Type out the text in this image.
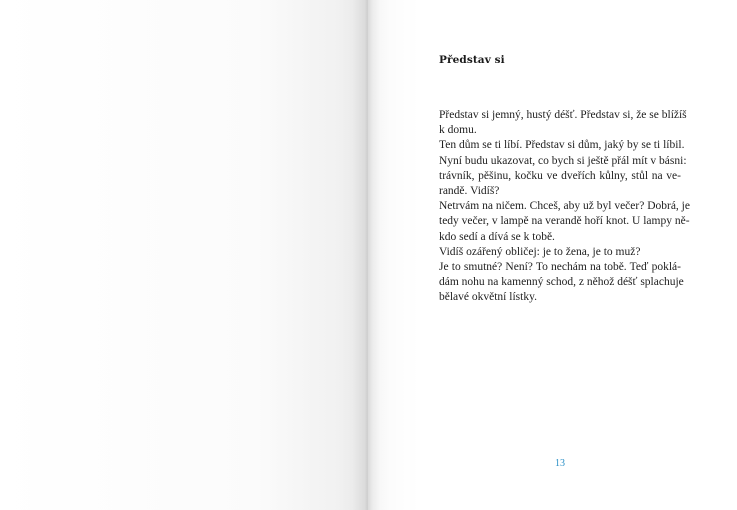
Představ si
Představ si jemný, hustý déšť. Představ si, že se blížíš
k domu.
Ten dům se ti líbí. Představ si dům, jaký by se ti líbil.
Nyní budu ukazovat, co bych si ještě přál mít v básni:
trávník, pěšinu, kočku ve dveřích kůlny, stůl na ve-
randě. Vidíš?
Netrvám na ničem. Chceš, aby už byl večer? Dobrá, je
tedy večer, v lampě na verandě hoří knot. U lampy ně-
kdo sedí a dívá se k tobě.
Vidíš ozářený obličej: je to žena, je to muž?
Je to smutné? Není? To nechám na tobě. Teď poklá-
dám nohu na kamenný schod, z něhož déšť splachuje
bělavé okvětní lístky.
13
